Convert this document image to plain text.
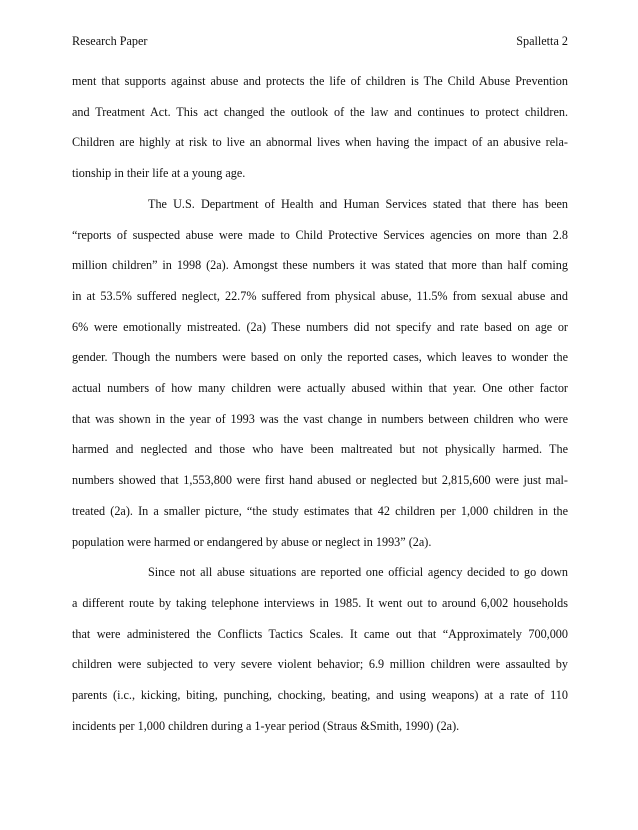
Research Paper	Spalletta 2
ment that supports against abuse and protects the life of children is The Child Abuse Prevention
and Treatment Act. This act changed the outlook of the law and continues to protect children.
Children are highly at risk to live an abnormal lives when having the impact of an abusive rela-
tionship in their life at a young age.
The U.S. Department of Health and Human Services stated that there has been
“reports of suspected abuse were made to Child Protective Services agencies on more than 2.8
million children” in 1998 (2a). Amongst these numbers it was stated that more than half coming
in at 53.5% suffered neglect, 22.7% suffered from physical abuse, 11.5% from sexual abuse and
6% were emotionally mistreated. (2a) These numbers did not specify and rate based on age or
gender. Though the numbers were based on only the reported cases, which leaves to wonder the
actual numbers of how many children were actually abused within that year. One other factor
that was shown in the year of 1993 was the vast change in numbers between children who were
harmed and neglected and those who have been maltreated but not physically harmed. The
numbers showed that 1,553,800 were first hand abused or neglected but 2,815,600 were just mal-
treated (2a). In a smaller picture, “the study estimates that 42 children per 1,000 children in the
population were harmed or endangered by abuse or neglect in 1993” (2a).
Since not all abuse situations are reported one official agency decided to go down
a different route by taking telephone interviews in 1985. It went out to around 6,002 households
that were administered the Conflicts Tactics Scales. It came out that “Approximately 700,000
children were subjected to very severe violent behavior; 6.9 million children were assaulted by
parents (i.c., kicking, biting, punching, chocking, beating, and using weapons) at a rate of 110
incidents per 1,000 children during a 1-year period (Straus &Smith, 1990) (2a).
